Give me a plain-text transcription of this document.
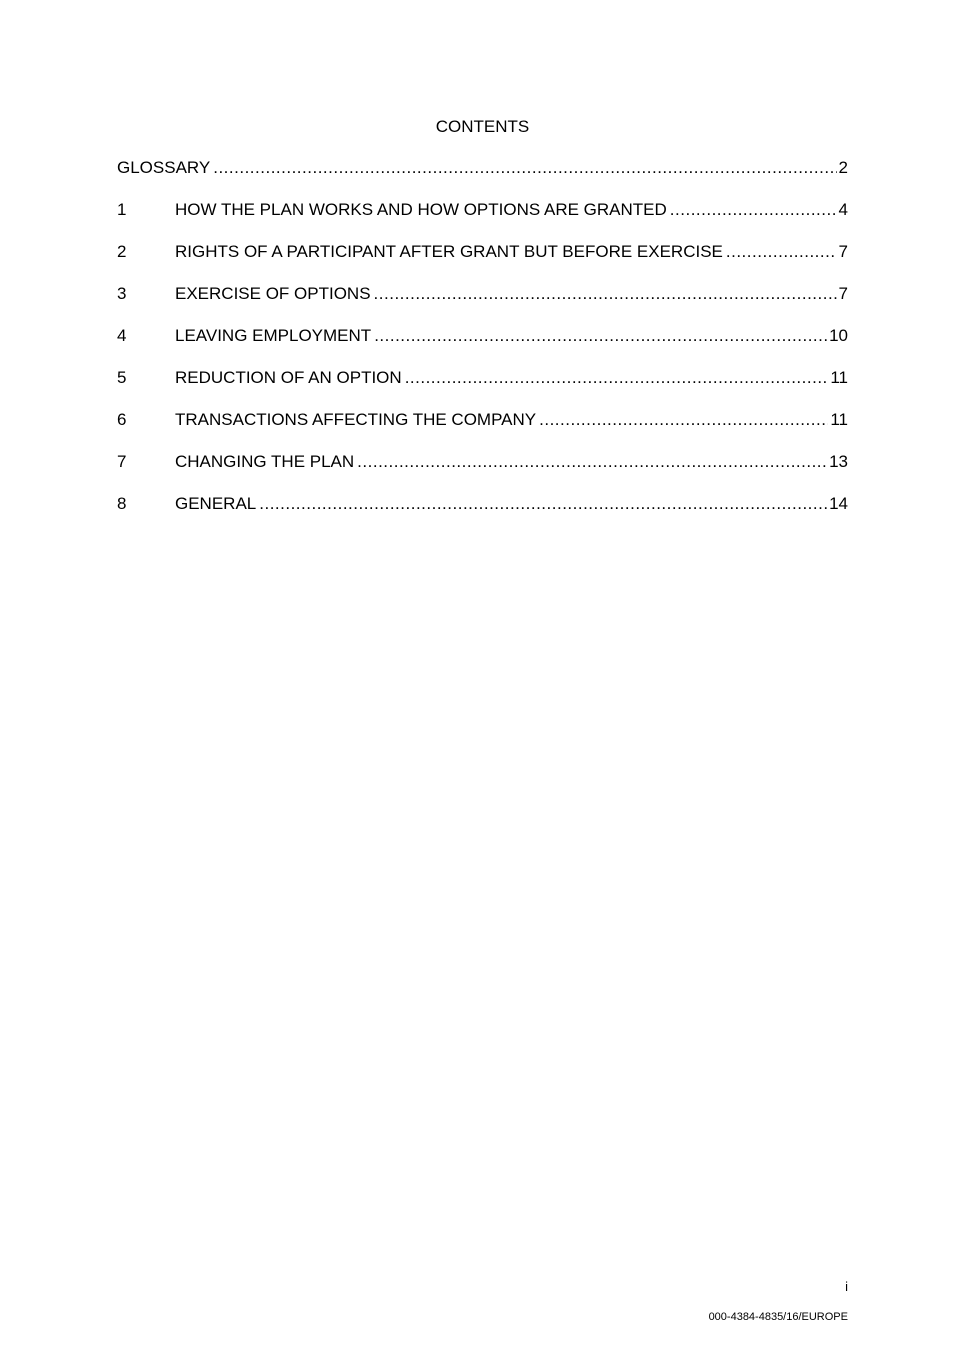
CONTENTS
GLOSSARY .....	2
1	HOW THE PLAN WORKS AND HOW OPTIONS ARE GRANTED .....	4
2	RIGHTS OF A PARTICIPANT AFTER GRANT BUT BEFORE EXERCISE .....	7
3	EXERCISE OF OPTIONS .....	7
4	LEAVING EMPLOYMENT .....	10
5	REDUCTION OF AN OPTION .....	11
6	TRANSACTIONS AFFECTING THE COMPANY .....	11
7	CHANGING THE PLAN .....	13
8	GENERAL .....	14
i
000-4384-4835/16/EUROPE
